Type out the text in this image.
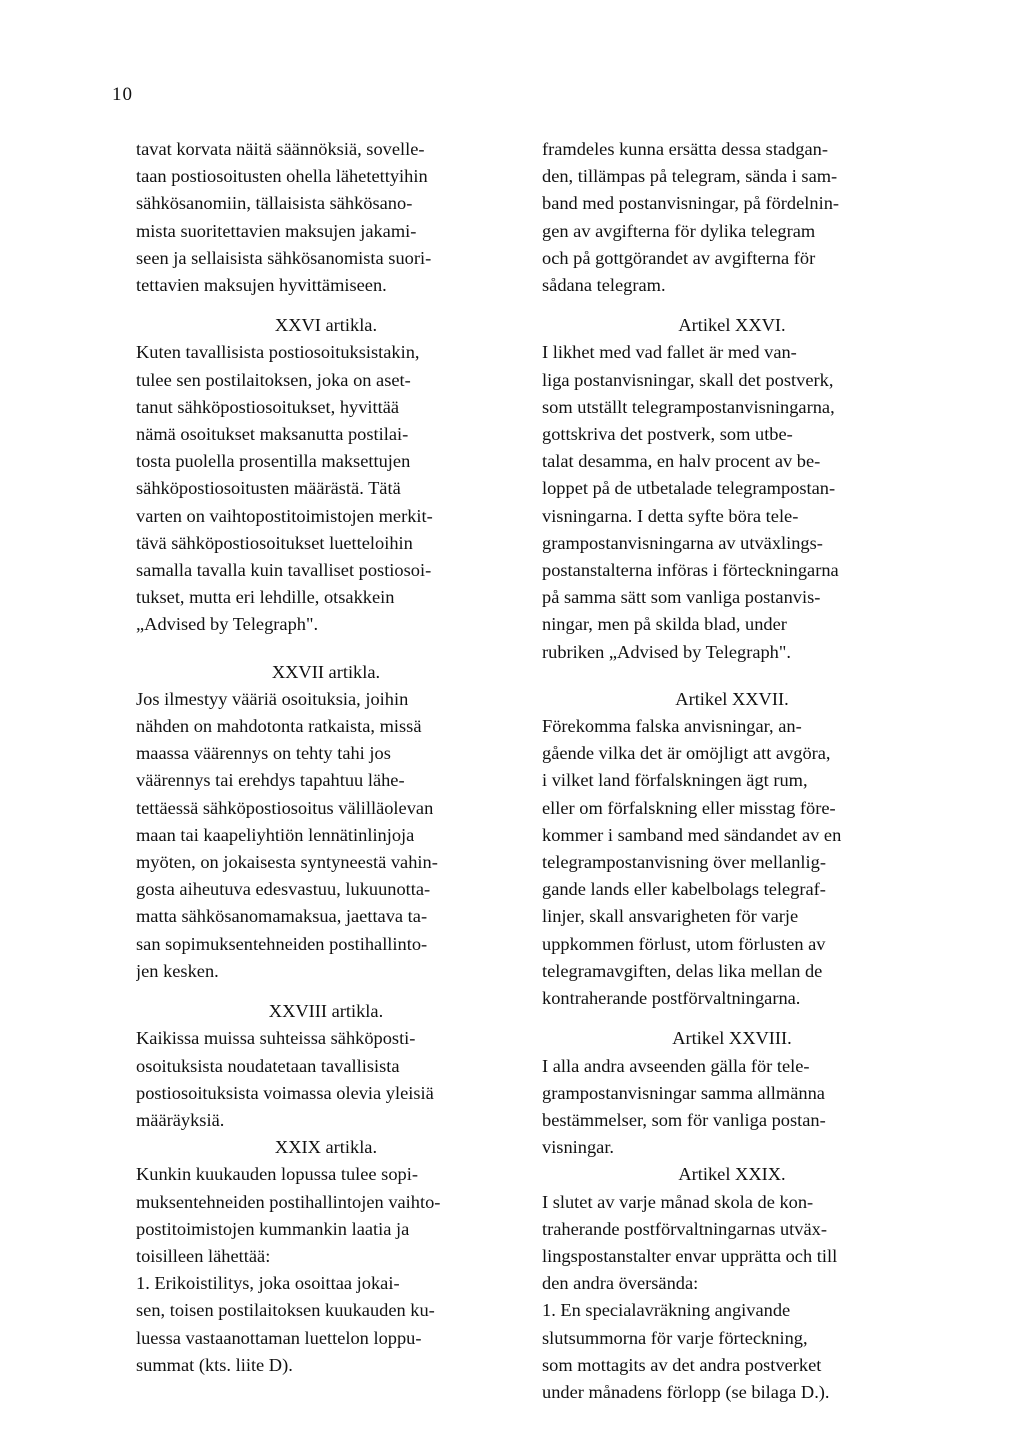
10
tavat korvata näitä säännöksiä, sovelle-
taan postiosoitusten ohella lähetettyihin
sähkösanomiin, tällaisista sähkösano-
mista suoritettavien maksujen jakami-
seen ja sellaisista sähkösanomista suori-
tettavien maksujen hyvittämiseen.
XXVI artikla.
Kuten tavallisista postiosoituksistakin,
tulee sen postilaitoksen, joka on aset-
tanut sähköpostiosoitukset, hyvittää
nämä osoitukset maksanutta postilai-
tosta puolella prosentilla maksettujen
sähköpostiosoitusten määrästä. Tätä
varten on vaihtopostitoimistojen merkit-
tävä sähköpostiosoitukset luetteloihin
samalla tavalla kuin tavalliset postiosoi-
tukset, mutta eri lehdille, otsakkein
„Advised by Telegraph".
XXVII artikla.
Jos ilmestyy vääriä osoituksia, joihin
nähden on mahdotonta ratkaista, missä
maassa väärennys on tehty tahi jos
väärennys tai erehdys tapahtuu lähe-
tettäessä sähköpostiosoitus välilläolevan
maan tai kaapeliyhtiön lennätinlinjoja
myöten, on jokaisesta syntyneestä vahin-
gosta aiheutuva edesvastuu, lukuunotta-
matta sähkösanomamaksua, jaettava ta-
san sopimuksentehneiden postihallinto-
jen kesken.
XXVIII artikla.
Kaikissa muissa suhteissa sähköposti-
osoituksista noudatetaan tavallisista
postiosoituksista voimassa olevia yleisiä
määräyksiä.
XXIX artikla.
Kunkin kuukauden lopussa tulee sopi-
muksentehneiden postihallintojen vaihto-
postitoimistojen kummankin laatia ja
toisilleen lähettää:
1. Erikoistilitys, joka osoittaa jokai-
sen, toisen postilaitoksen kuukauden ku-
luessa vastaanottaman luettelon loppu-
summat (kts. liite D).
framdeles kunna ersätta dessa stadgan-
den, tillämpas på telegram, sända i sam-
band med postanvisningar, på fördelnin-
gen av avgifterna för dylika telegram
och på gottgörandet av avgifterna för
sådana telegram.
Artikel XXVI.
I likhet med vad fallet är med van-
liga postanvisningar, skall det postverk,
som utställt telegrampostanvisningarna,
gottskriva det postverk, som utbe-
talat desamma, en halv procent av be-
loppet på de utbetalade telegrampostan-
visningarna. I detta syfte böra tele-
grampostanvisningarna av utväxlings-
postanstalterna införas i förteckningarna
på samma sätt som vanliga postanvis-
ningar, men på skilda blad, under
rubriken „Advised by Telegraph".
Artikel XXVII.
Förekomma falska anvisningar, an-
gående vilka det är omöjligt att avgöra,
i vilket land förfalskningen ägt rum,
eller om förfalskning eller misstag före-
kommer i samband med sändandet av en
telegrampostanvisning över mellanlig-
gande lands eller kabelbolags telegraf-
linjer, skall ansvarigheten för varje
uppkommen förlust, utom förlusten av
telegramavgiften, delas lika mellan de
kontraherande postförvaltningarna.
Artikel XXVIII.
I alla andra avseenden gälla för tele-
grampostanvisningar samma allmänna
bestämmelser, som för vanliga postan-
visningar.
Artikel XXIX.
I slutet av varje månad skola de kon-
traherande postförvaltningarnas utväx-
lingspostanstalter envar upprätta och till
den andra översända:
1. En specialavräkning angivande
slutsummorna för varje förteckning,
som mottagits av det andra postverket
under månadens förlopp (se bilaga D.).
